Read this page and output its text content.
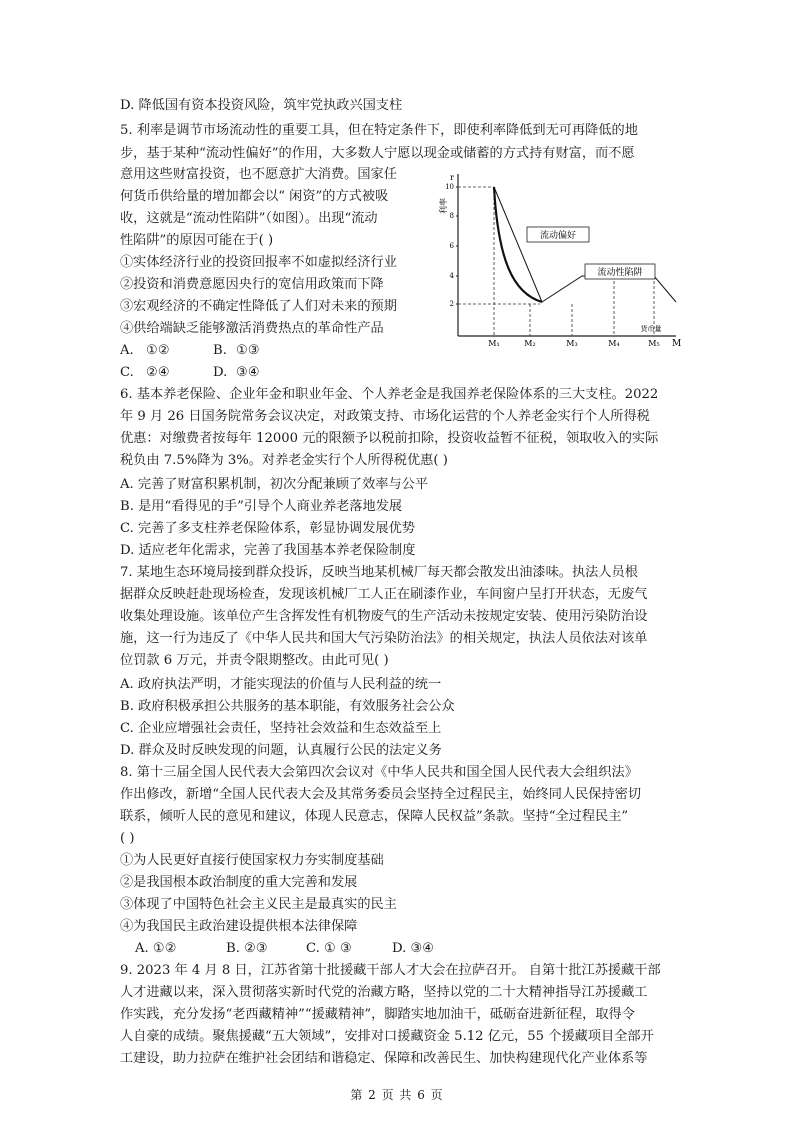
D. 降低国有资本投资风险，筑牢党执政兴国支柱
5. 利率是调节市场流动性的重要工具，但在特定条件下，即使利率降低到无可再降低的地
步，基于某种“流动性偏好”的作用，大多数人宁愿以现金或储蓄的方式持有财富，而不愿
意用这些财富投资，也不愿意扩大消费。国家任
何货币供给量的增加都会以“ 闲资”的方式被吸
收，这就是“流动性陷阱”（如图）。出现“流动
性陷阱”的原因可能在于( )
①实体经济行业的投资回报率不如虚拟经济行业
②投资和消费意愿因央行的宽信用政策而下降
③宏观经济的不确定性降低了人们对未来的预期
④供给端缺乏能够激活消费热点的革命性产品
A. ①②	B. ①③
C. ②④	D. ③④
r
利率
货币量
M
10
8
6
4
2
M₁	M₂	M₃	M₄	M₅
流动偏好
流动性陷阱
6. 基本养老保险、企业年金和职业年金、个人养老金是我国养老保险体系的三大支柱。2022
年 9 月 26 日国务院常务会议决定，对政策支持、市场化运营的个人养老金实行个人所得税
优惠：对缴费者按每年 12000 元的限额予以税前扣除，投资收益暂不征税，领取收入的实际
税负由 7.5%降为 3%。对养老金实行个人所得税优惠( )
A. 完善了财富积累机制，初次分配兼顾了效率与公平
B. 是用“看得见的手”引导个人商业养老落地发展
C. 完善了多支柱养老保险体系，彰显协调发展优势
D. 适应老年化需求，完善了我国基本养老保险制度
7. 某地生态环境局接到群众投诉，反映当地某机械厂每天都会散发出油漆味。执法人员根
据群众反映赶赴现场检查，发现该机械厂工人正在刷漆作业，车间窗户呈打开状态，无废气
收集处理设施。该单位产生含挥发性有机物废气的生产活动未按规定安装、使用污染防治设
施，这一行为违反了《中华人民共和国大气污染防治法》的相关规定，执法人员依法对该单
位罚款 6 万元，并责令限期整改。由此可见( )
A. 政府执法严明，才能实现法的价值与人民利益的统一
B. 政府积极承担公共服务的基本职能，有效服务社会公众
C. 企业应增强社会责任，坚持社会效益和生态效益至上
D. 群众及时反映发现的问题，认真履行公民的法定义务
8. 第十三届全国人民代表大会第四次会议对《中华人民共和国全国人民代表大会组织法》
作出修改，新增“全国人民代表大会及其常务委员会坚持全过程民主，始终同人民保持密切
联系，倾听人民的意见和建议，体现人民意志，保障人民权益”条款。坚持“全过程民主”
( )
①为人民更好直接行使国家权力夯实制度基础
②是我国根本政治制度的重大完善和发展
③体现了中国特色社会主义民主是最真实的民主
④为我国民主政治建设提供根本法律保障
A. ①②	B. ②③	C. ① ③	D. ③④
9. 2023 年 4 月 8 日，江苏省第十批援藏干部人才大会在拉萨召开。 自第十批江苏援藏干部
人才进藏以来，深入贯彻落实新时代党的治藏方略，坚持以党的二十大精神指导江苏援藏工
作实践，充分发扬“老西藏精神”“援藏精神”，脚踏实地加油干，砥砺奋进新征程，取得令
人自豪的成绩。聚焦援藏“五大领域”，安排对口援藏资金 5.12 亿元，55 个援藏项目全部开
工建设，助力拉萨在维护社会团结和谐稳定、保障和改善民生、加快构建现代化产业体系等
第 2 页 共 6 页
